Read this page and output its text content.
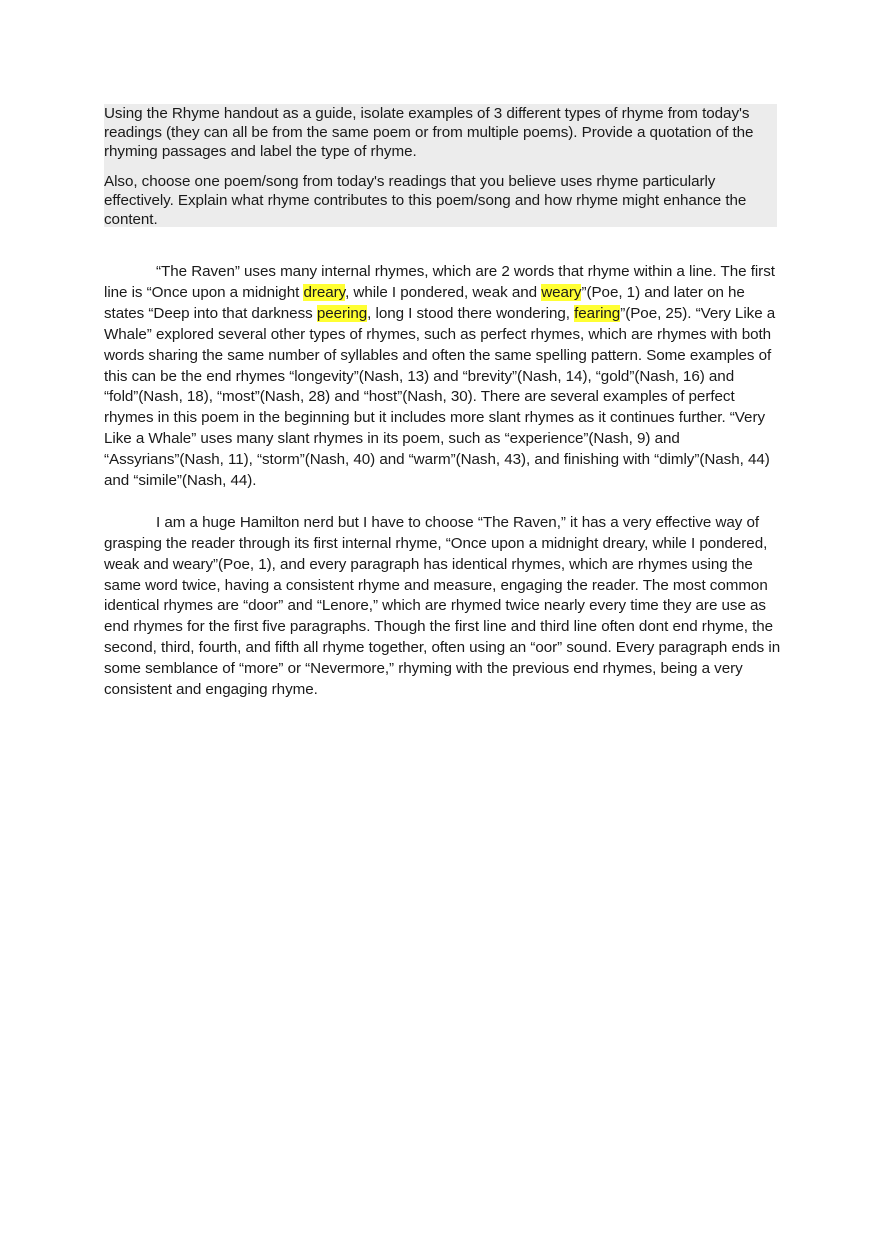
Using the Rhyme handout as a guide, isolate examples of 3 different types of rhyme from today's readings (they can all be from the same poem or from multiple poems). Provide a quotation of the rhyming passages and label the type of rhyme.

Also, choose one poem/song from today's readings that you believe uses rhyme particularly effectively. Explain what rhyme contributes to this poem/song and how rhyme might enhance the content.

“The Raven” uses many internal rhymes, which are 2 words that rhyme within a line. The first line is “Once upon a midnight dreary, while I pondered, weak and weary”(Poe, 1) and later on he states “Deep into that darkness peering, long I stood there wondering, fearing”(Poe, 25). “Very Like a Whale” explored several other types of rhymes, such as perfect rhymes, which are rhymes with both words sharing the same number of syllables and often the same spelling pattern. Some examples of this can be the end rhymes “longevity”(Nash, 13) and “brevity”(Nash, 14), “gold”(Nash, 16) and “fold”(Nash, 18), “most”(Nash, 28) and “host”(Nash, 30). There are several examples of perfect rhymes in this poem in the beginning but it includes more slant rhymes as it continues further. “Very Like a Whale” uses many slant rhymes in its poem, such as “experience”(Nash, 9) and “Assyrians”(Nash, 11), “storm”(Nash, 40) and “warm”(Nash, 43), and finishing with “dimly”(Nash, 44) and “simile”(Nash, 44).

I am a huge Hamilton nerd but I have to choose “The Raven,” it has a very effective way of grasping the reader through its first internal rhyme, “Once upon a midnight dreary, while I pondered, weak and weary”(Poe, 1), and every paragraph has identical rhymes, which are rhymes using the same word twice, having a consistent rhyme and measure, engaging the reader. The most common identical rhymes are “door” and “Lenore,” which are rhymed twice nearly every time they are use as end rhymes for the first five paragraphs. Though the first line and third line often dont end rhyme, the second, third, fourth, and fifth all rhyme together, often using an “oor” sound. Every paragraph ends in some semblance of “more” or “Nevermore,” rhyming with the previous end rhymes, being a very consistent and engaging rhyme.
